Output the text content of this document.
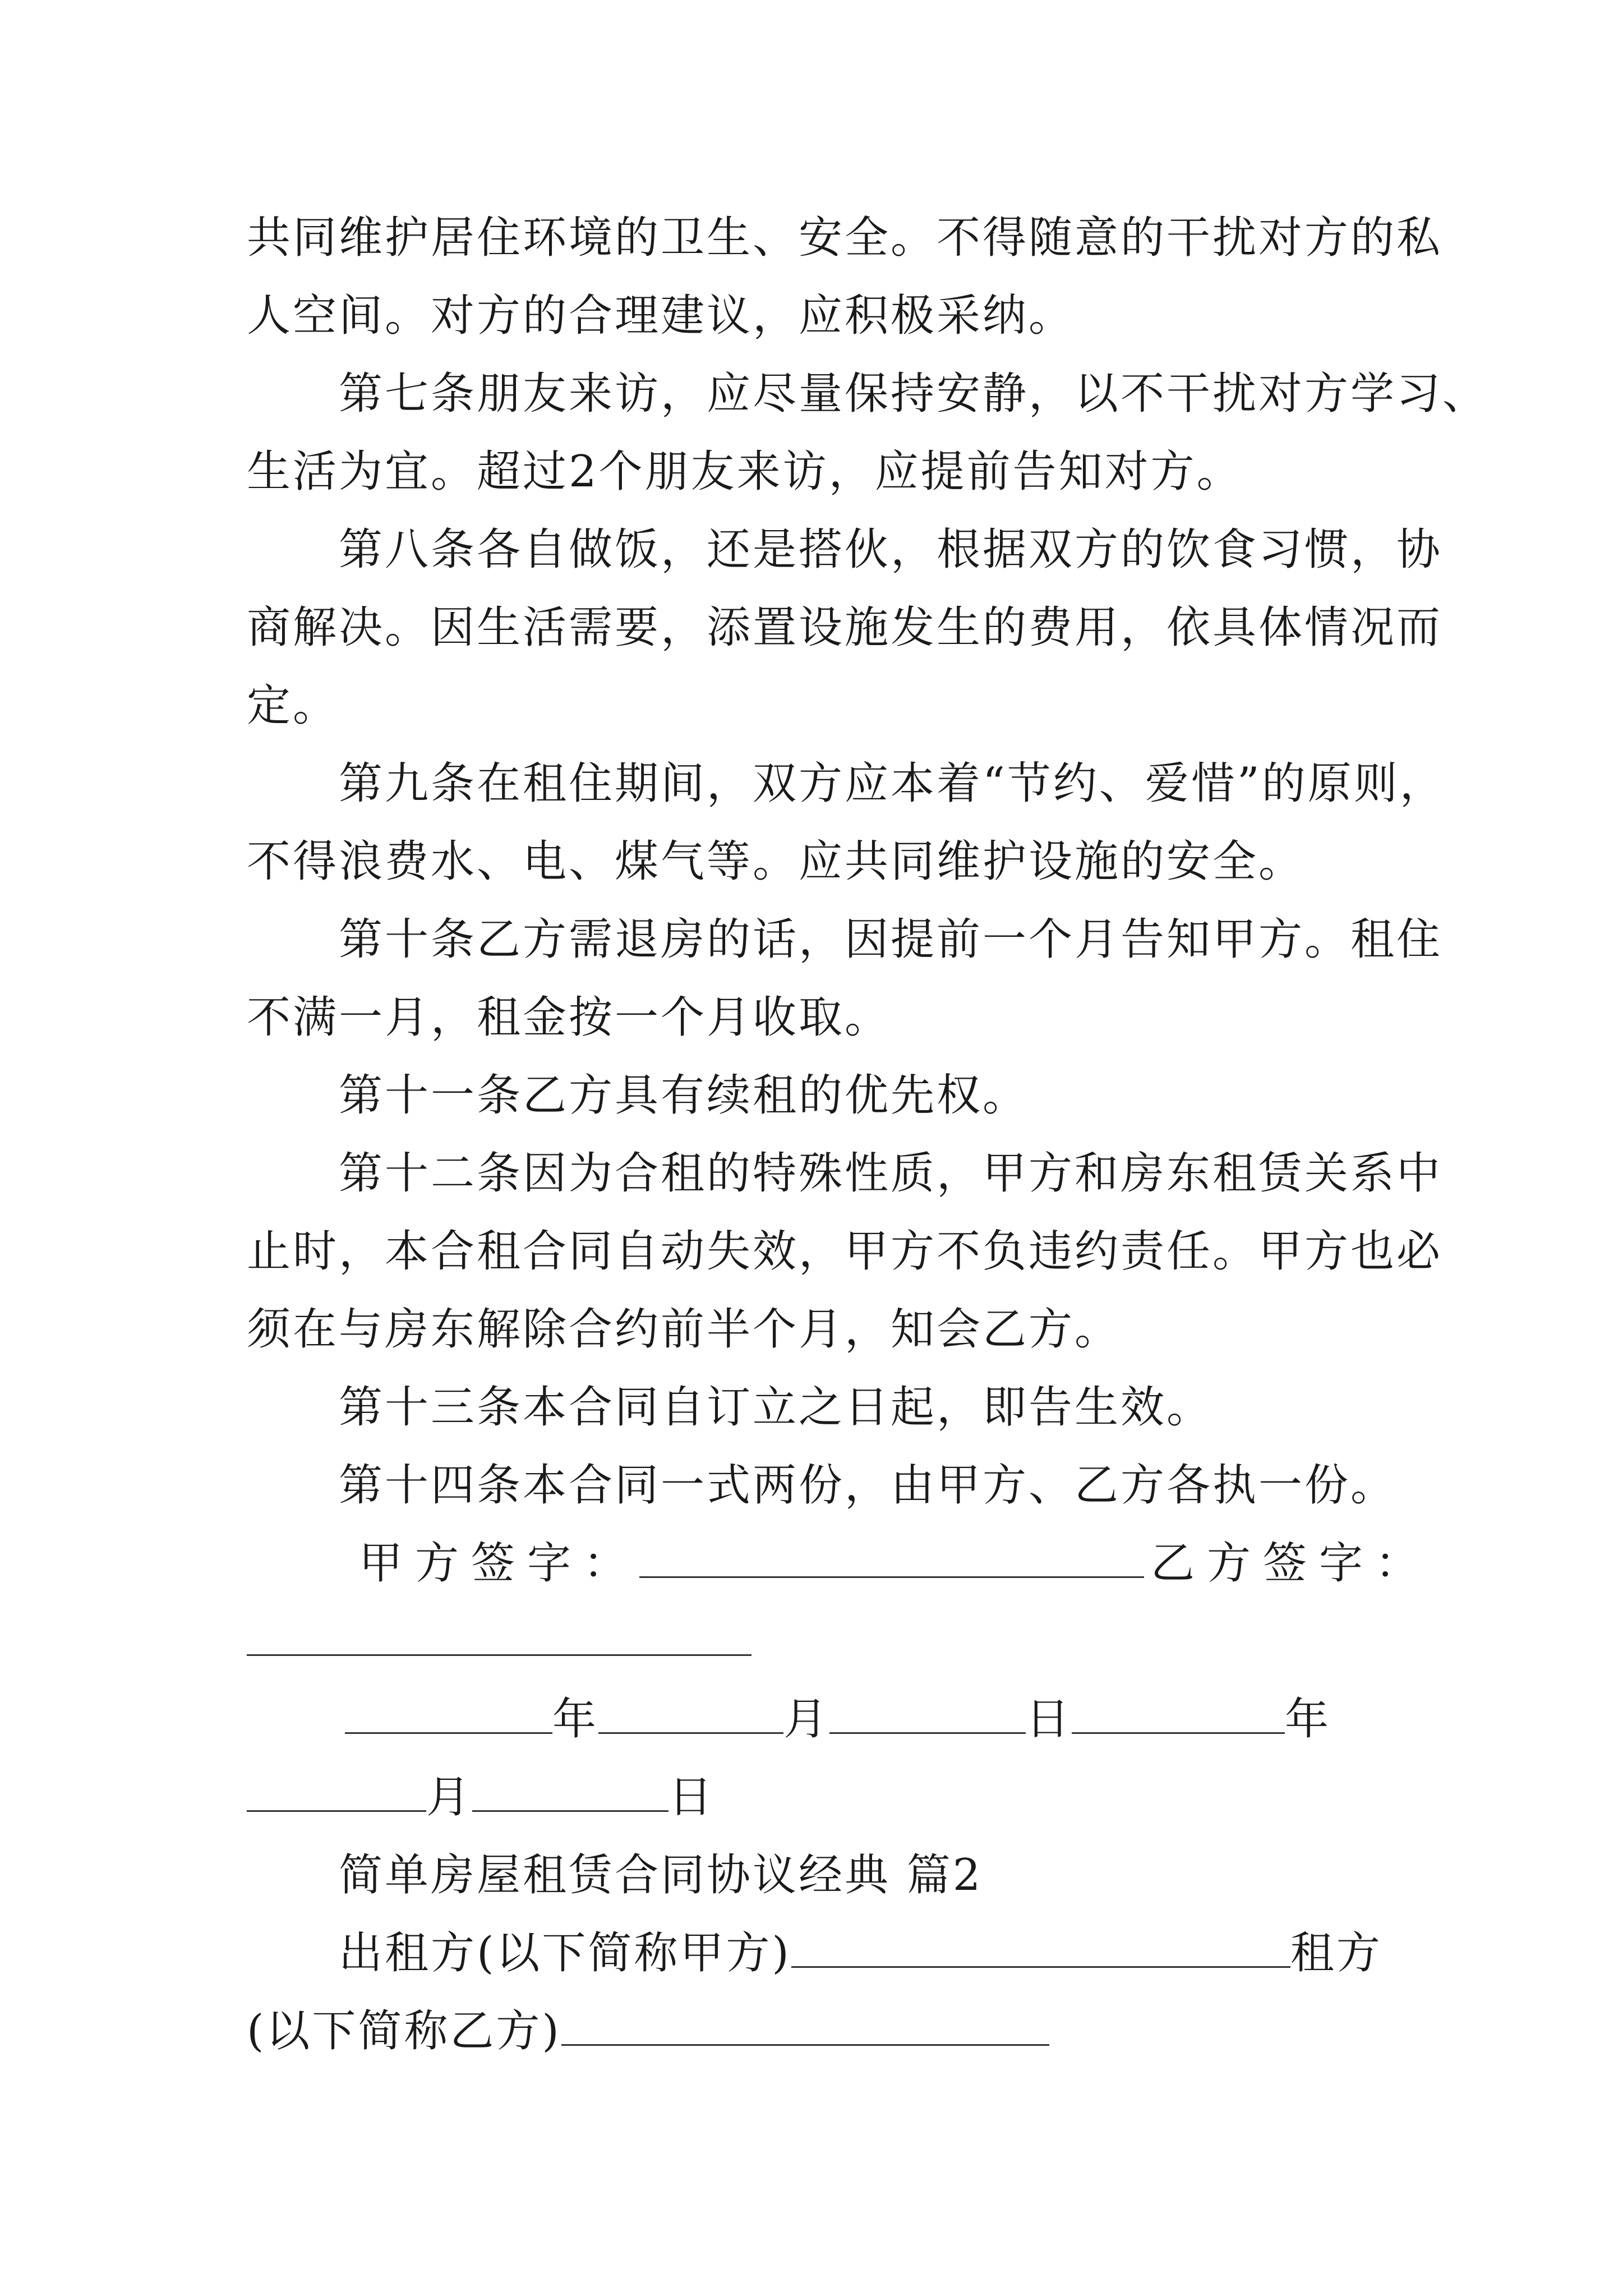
共同维护居住环境的卫生、安全。不得随意的干扰对方的私
人空间。对方的合理建议，应积极采纳。
第七条朋友来访，应尽量保持安静，以不干扰对方学习、
生活为宜。超过2个朋友来访，应提前告知对方。
第八条各自做饭，还是搭伙，根据双方的饮食习惯，协
商解决。因生活需要，添置设施发生的费用，依具体情况而
定。
第九条在租住期间，双方应本着“节约、爱惜”的原则，
不得浪费水、电、煤气等。应共同维护设施的安全。
第十条乙方需退房的话，因提前一个月告知甲方。租住
不满一月，租金按一个月收取。
第十一条乙方具有续租的优先权。
第十二条因为合租的特殊性质，甲方和房东租赁关系中
止时，本合租合同自动失效，甲方不负违约责任。甲方也必
须在与房东解除合约前半个月，知会乙方。
第十三条本合同自订立之日起，即告生效。
第十四条本合同一式两份，由甲方、乙方各执一份。
甲方签字：	乙方签字：
年	月	日	年
月	日
简单房屋租赁合同协议经典 篇2
出租方(以下简称甲方)	租方
(以下简称乙方)
